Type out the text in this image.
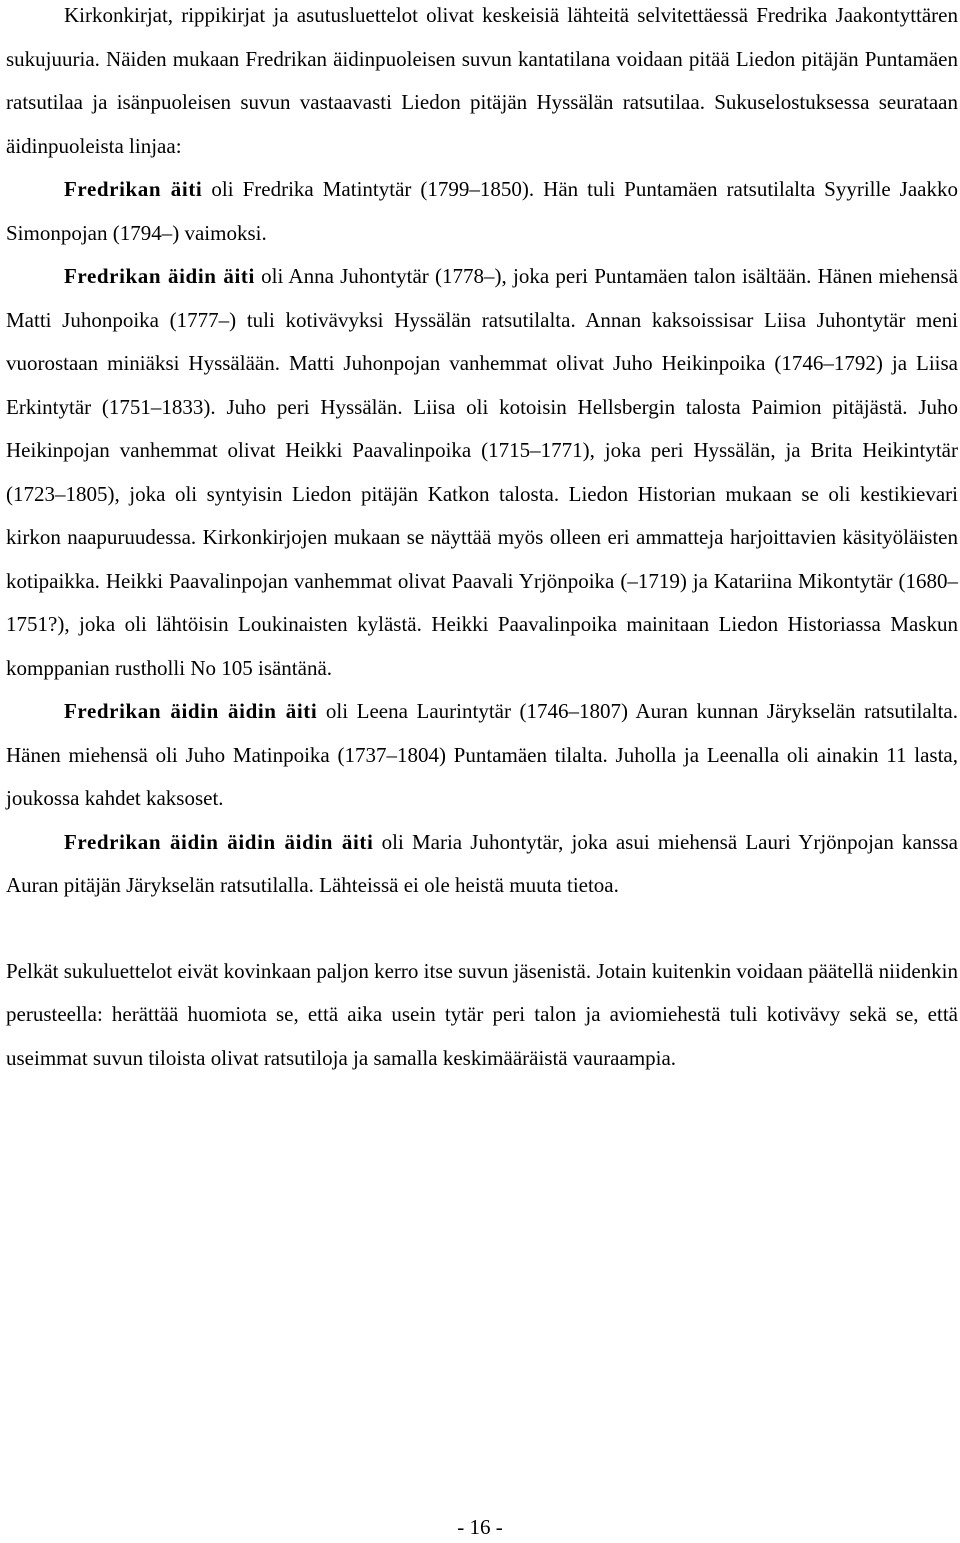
Kirkonkirjat, rippikirjat ja asutusluettelot olivat keskeisiä lähteitä selvitettäessä Fredrika Jaakontyttären sukujuuria. Näiden mukaan Fredrikan äidinpuoleisen suvun kantatilana voidaan pitää Liedon pitäjän Puntamäen ratsutilaa ja isänpuoleisen suvun vastaavasti Liedon pitäjän Hyssälän ratsutilaa. Sukuselostuksessa seurataan äidinpuoleista linjaa:

Fredrikan äiti oli Fredrika Matintytär (1799–1850). Hän tuli Puntamäen ratsutilalta Syyrille Jaakko Simonpojan (1794–) vaimoksi.

Fredrikan äidin äiti oli Anna Juhontytär (1778–), joka peri Puntamäen talon isältään. Hänen miehensä Matti Juhonpoika (1777–) tuli kotivävyksi Hyssälän ratsutilalta. Annan kaksoissisar Liisa Juhontytär meni vuorostaan miniäksi Hyssälään. Matti Juhonpojan vanhemmat olivat Juho Heikinpoika (1746–1792) ja Liisa Erkintytär (1751–1833). Juho peri Hyssälän. Liisa oli kotoisin Hellsbergin talosta Paimion pitäjästä. Juho Heikinpojan vanhemmat olivat Heikki Paavalinpoika (1715–1771), joka peri Hyssälän, ja Brita Heikintytär (1723–1805), joka oli syntyisin Liedon pitäjän Katkon talosta. Liedon Historian mukaan se oli kestikievari kirkon naapuruudessa. Kirkonkirjojen mukaan se näyttää myös olleen eri ammatteja harjoittavien käsityöläisten kotipaikka. Heikki Paavalinpojan vanhemmat olivat Paavali Yrjönpoika (–1719) ja Katariina Mikontytär (1680–1751?), joka oli lähtöisin Loukinaisten kylästä. Heikki Paavalinpoika mainitaan Liedon Historiassa Maskun komppanian rustholli No 105 isäntänä.

Fredrikan äidin äidin äiti oli Leena Laurintytär (1746–1807) Auran kunnan Järykselän ratsutilalta. Hänen miehensä oli Juho Matinpoika (1737–1804) Puntamäen tilalta. Juholla ja Leenalla oli ainakin 11 lasta, joukossa kahdet kaksoset.

Fredrikan äidin äidin äidin äiti oli Maria Juhontytär, joka asui miehensä Lauri Yrjönpojan kanssa Auran pitäjän Järykselän ratsutilalla. Lähteissä ei ole heistä muuta tietoa.

Pelkät sukuluettelot eivät kovinkaan paljon kerro itse suvun jäsenistä. Jotain kuitenkin voidaan päätellä niidenkin perusteella: herättää huomiota se, että aika usein tytär peri talon ja aviomiehestä tuli kotivävy sekä se, että useimmat suvun tiloista olivat ratsutiloja ja samalla keskimääräistä vauraampia.

- 16 -
